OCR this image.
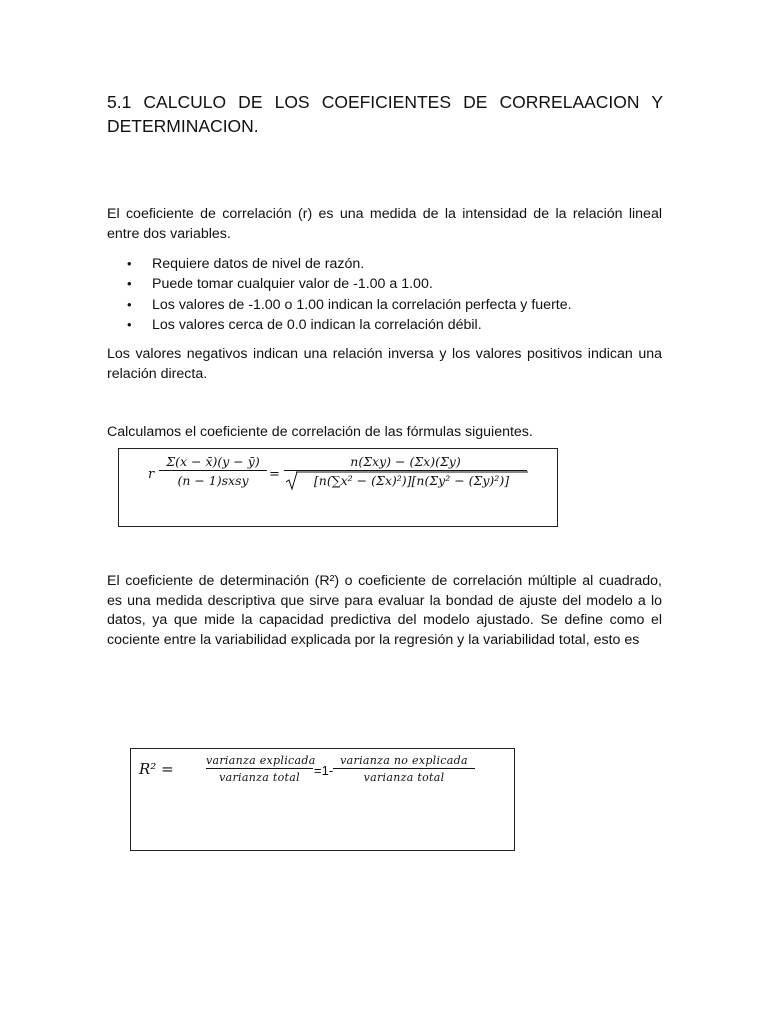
5.1 CALCULO DE LOS COEFICIENTES DE CORRELAACION Y DETERMINACION.
El coeficiente de correlación (r) es una medida de la intensidad de la relación lineal entre dos variables.
• Requiere datos de nivel de razón.
• Puede tomar cualquier valor de -1.00 a 1.00.
• Los valores de -1.00 o 1.00 indican la correlación perfecta y fuerte.
• Los valores cerca de 0.0 indican la correlación débil.
Los valores negativos indican una relación inversa y los valores positivos indican una relación directa.
Calculamos el coeficiente de correlación de las fórmulas siguientes.
r
Σ(x − x̄)(y − ȳ)
(n − 1)sxsy	=
n(Σxy) − (Σx)(Σy)
[n(∑x² − (Σx)²)][n(Σy² − (Σy)²)]
El coeficiente de determinación (R²) o coeficiente de correlación múltiple al cuadrado, es una medida descriptiva que sirve para evaluar la bondad de ajuste del modelo a lo datos, ya que mide la capacidad predictiva del modelo ajustado. Se define como el cociente entre la variabilidad explicada por la regresión y la variabilidad total, esto es
R² =	varianza explicada
varianza total	=1-
varianza no explicada
varianza total
